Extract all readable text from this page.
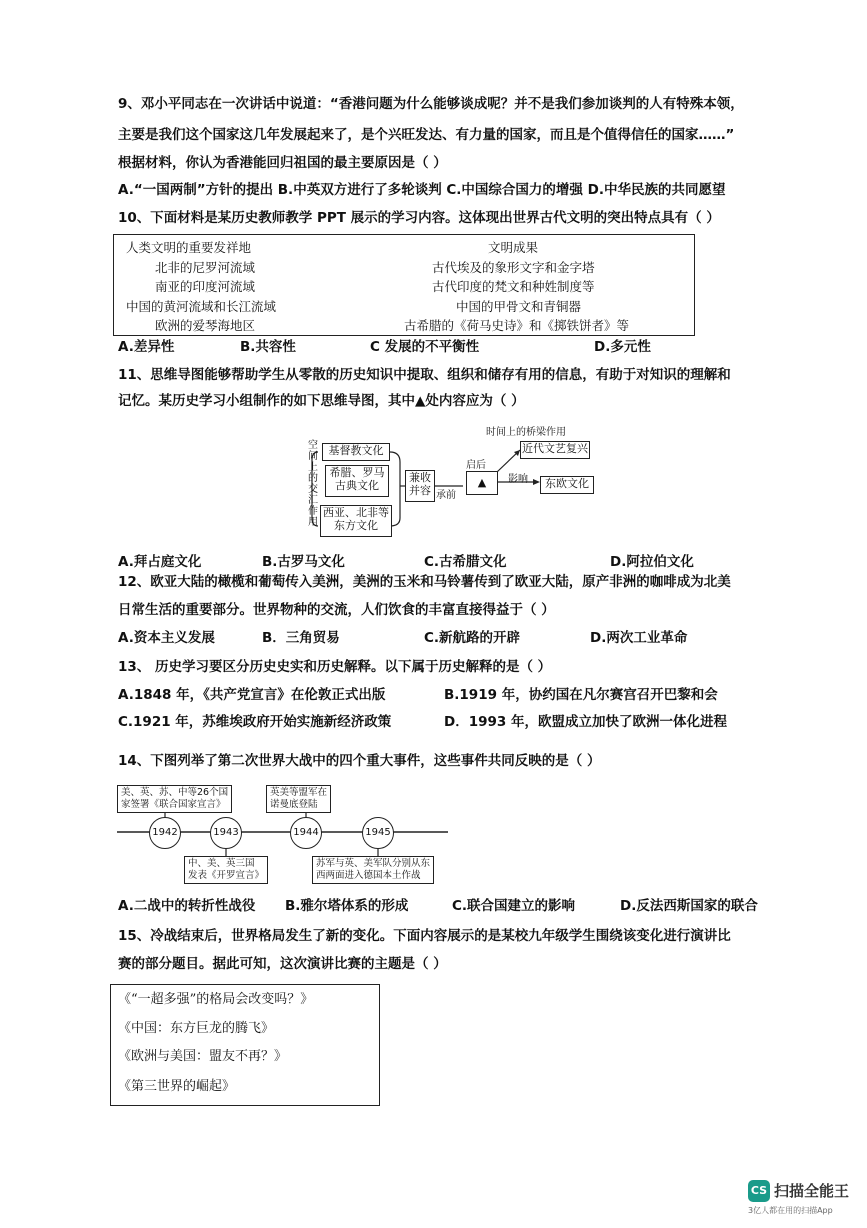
9、邓小平同志在一次讲话中说道：“香港问题为什么能够谈成呢？并不是我们参加谈判的人有特殊本领，
主要是我们这个国家这几年发展起来了，是个兴旺发达、有力量的国家，而且是个值得信任的国家……”
根据材料，你认为香港能回归祖国的最主要原因是（ ）
A.“一国两制”方针的提出 B.中英双方进行了多轮谈判 C.中国综合国力的增强 D.中华民族的共同愿望
10、下面材料是某历史教师教学 PPT 展示的学习内容。这体现出世界古代文明的突出特点具有（ ）
人类文明的重要发祥地	文明成果
北非的尼罗河流域	古代埃及的象形文字和金字塔
南亚的印度河流域	古代印度的梵文和种姓制度等
中国的黄河流域和长江流域	中国的甲骨文和青铜器
欧洲的爱琴海地区	古希腊的《荷马史诗》和《掷铁饼者》等
A.差异性	B.共容性	C 发展的不平衡性	D.多元性
11、思维导图能够帮助学生从零散的历史知识中提取、组织和储存有用的信息，有助于对知识的理解和
记忆。某历史学习小组制作的如下思维导图，其中▲处内容应为（ ）
空间上的交汇作用
基督教文化
希腊、罗马古典文化
西亚、北非等东方文化
兼收并容 承前
▲
时间上的桥梁作用
启后
近代文艺复兴
影响	东欧文化
A.拜占庭文化	B.古罗马文化	C.古希腊文化	D.阿拉伯文化
12、欧亚大陆的橄榄和葡萄传入美洲，美洲的玉米和马铃薯传到了欧亚大陆，原产非洲的咖啡成为北美
日常生活的重要部分。世界物种的交流，人们饮食的丰富直接得益于（ ）
A.资本主义发展	B．三角贸易	C.新航路的开辟	D.两次工业革命
13、 历史学习要区分历史史实和历史解释。以下属于历史解释的是（ ）
A.1848 年，《共产党宣言》在伦敦正式出版	B.1919 年，协约国在凡尔赛宫召开巴黎和会
C.1921 年，苏维埃政府开始实施新经济政策	D．1993 年，欧盟成立加快了欧洲一体化进程
14、下图列举了第二次世界大战中的四个重大事件，这些事件共同反映的是（ ）
美、英、苏、中等26个国
家签署《联合国家宣言》
中、美、英三国
发表《开罗宣言》
英美等盟军在
诺曼底登陆
苏军与英、美军队分别从东
西两面进入德国本土作战
1942	1943	1944	1945
A.二战中的转折性战役 B.雅尔塔体系的形成	C.联合国建立的影响	D.反法西斯国家的联合
15、冷战结束后，世界格局发生了新的变化。下面内容展示的是某校九年级学生围绕该变化进行演讲比
赛的部分题目。据此可知，这次演讲比赛的主题是（ ）
《“一超多强”的格局会改变吗？》
《中国：东方巨龙的腾飞》
《欧洲与美国：盟友不再？》
《第三世界的崛起》
CS 扫描全能王
3亿人都在用的扫描App
